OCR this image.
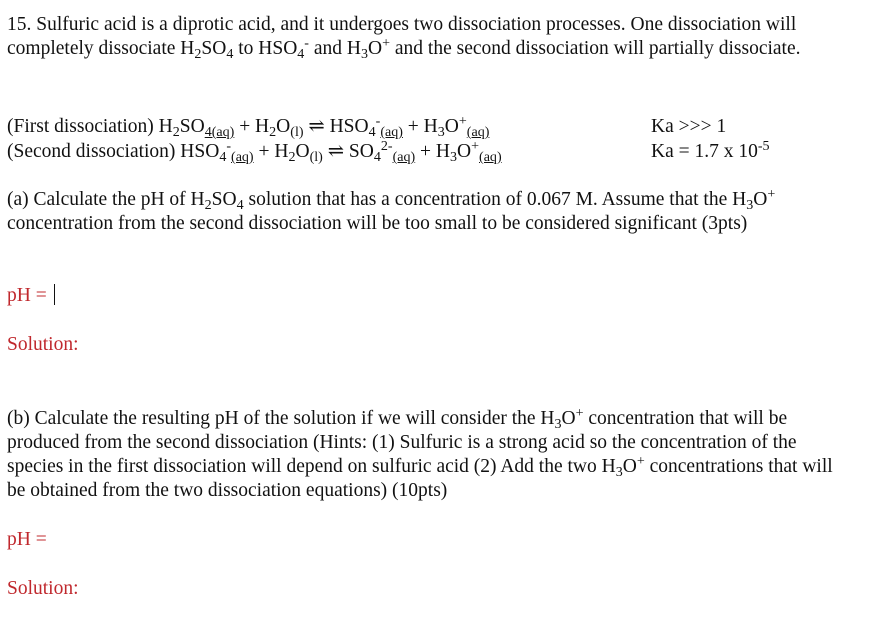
15. Sulfuric acid is a diprotic acid, and it undergoes two dissociation processes. One dissociation will completely dissociate $H_2SO_4$ to $HSO_4^-$ and $H_3O^+$ and the second dissociation will partially dissociate.
(First dissociation) $H_2SO_{4(aq)} + H_2O_{(l)}$ ⇌ $HSO_4^-_{(aq)} + H_3O^+_{(aq)}$	Ka >>> 1
(Second dissociation) $HSO_4^-_{(aq)} + H_2O_{(l)}$ ⇌ $SO_4^{2-}_{(aq)} + H_3O^+_{(aq)}$	Ka = 1.7 x $10^{-5}$
(a) Calculate the pH of $H_2SO_4$ solution that has a concentration of 0.067 M. Assume that the $H_3O^+$ concentration from the second dissociation will be too small to be considered significant (3pts)
pH =
Solution:
(b) Calculate the resulting pH of the solution if we will consider the $H_3O^+$ concentration that will be produced from the second dissociation (Hints: (1) Sulfuric is a strong acid so the concentration of the species in the first dissociation will depend on sulfuric acid (2) Add the two $H_3O^+$ concentrations that will be obtained from the two dissociation equations) (10pts)
pH =
Solution:
